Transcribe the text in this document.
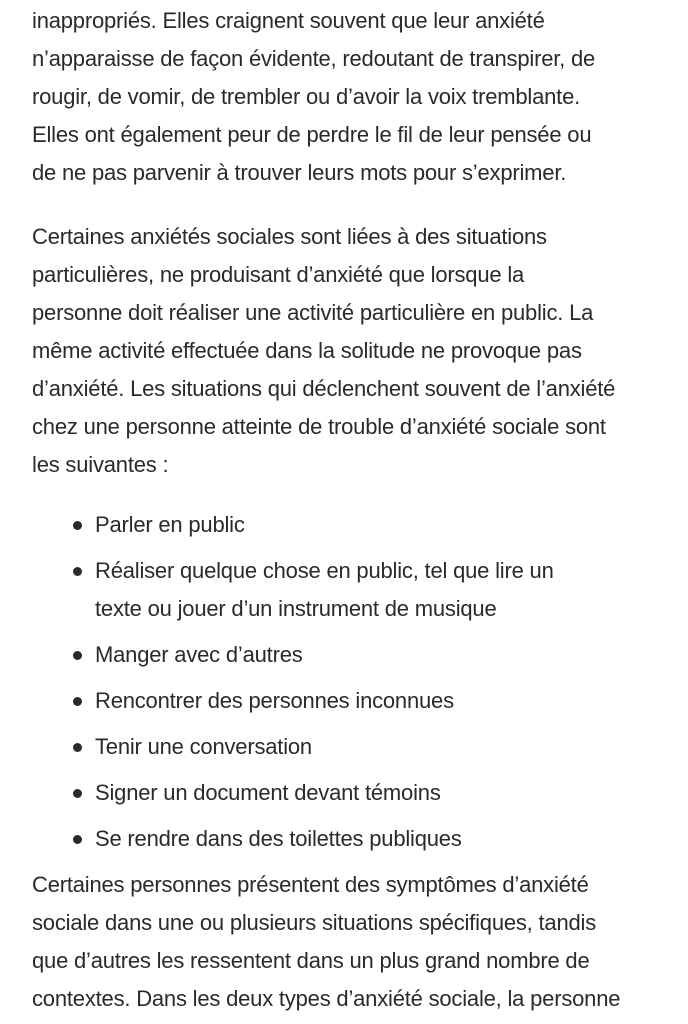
inappropriés. Elles craignent souvent que leur anxiété
n’apparaisse de façon évidente, redoutant de transpirer, de
rougir, de vomir, de trembler ou d’avoir la voix tremblante.
Elles ont également peur de perdre le fil de leur pensée ou
de ne pas parvenir à trouver leurs mots pour s’exprimer.

Certaines anxiétés sociales sont liées à des situations
particulières, ne produisant d’anxiété que lorsque la
personne doit réaliser une activité particulière en public. La
même activité effectuée dans la solitude ne provoque pas
d’anxiété. Les situations qui déclenchent souvent de l’anxiété
chez une personne atteinte de trouble d’anxiété sociale sont
les suivantes :

Parler en public
Réaliser quelque chose en public, tel que lire un
texte ou jouer d’un instrument de musique
Manger avec d’autres
Rencontrer des personnes inconnues
Tenir une conversation
Signer un document devant témoins
Se rendre dans des toilettes publiques

Certaines personnes présentent des symptômes d’anxiété
sociale dans une ou plusieurs situations spécifiques, tandis
que d’autres les ressentent dans un plus grand nombre de
contextes. Dans les deux types d’anxiété sociale, la personne
